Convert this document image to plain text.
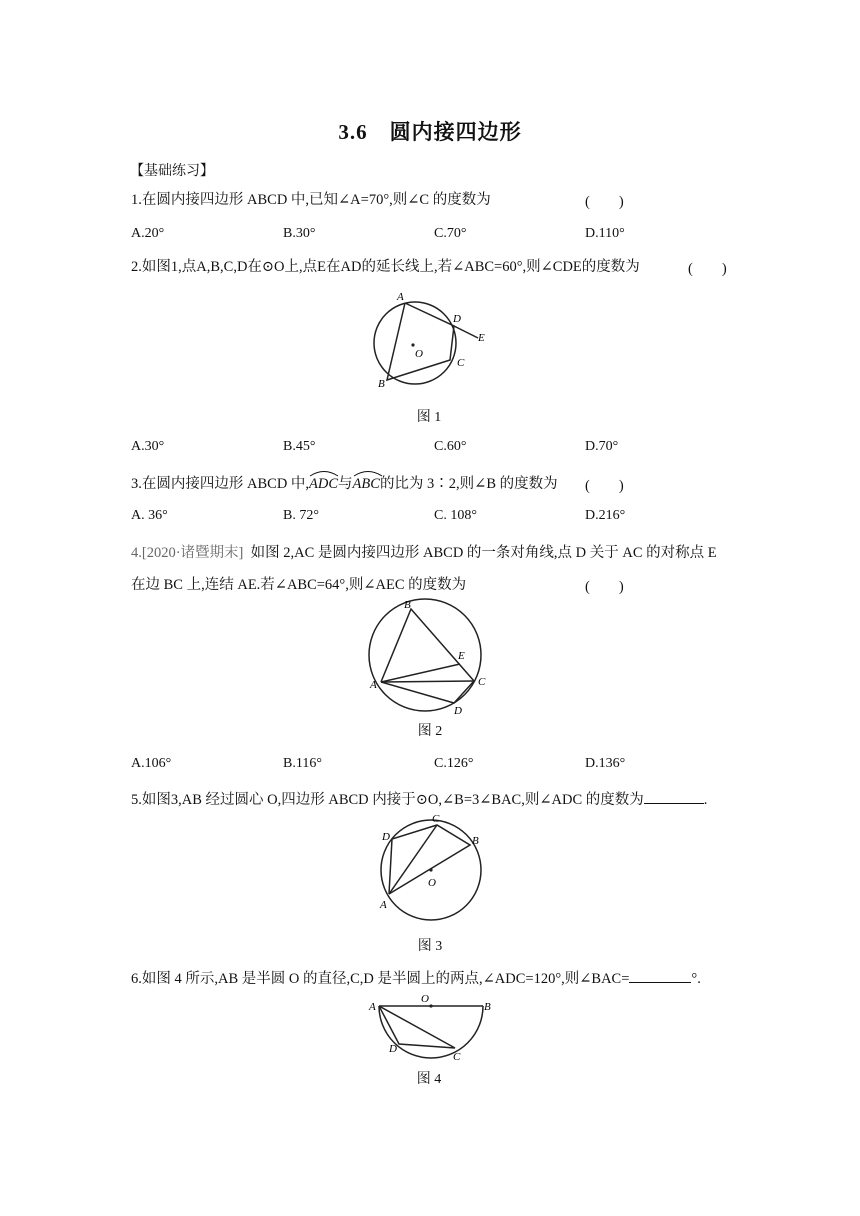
3.6　圆内接四边形
【基础练习】
1.在圆内接四边形 ABCD 中,已知∠A=70°,则∠C 的度数为	(　　)
A.20°	B.30°	C.70°	D.110°
2.如图1,点A,B,C,D在⊙O上,点E在AD的延长线上,若∠ABC=60°,则∠CDE的度数为	(　　)
A
B
C
D
E
O
图 1
A.30°	B.45°	C.60°	D.70°
3.在圆内接四边形 ABCD 中,
ADC与
ABC的比为 3∶2,则∠B 的度数为 (　　)
A. 36°	B. 72°	C. 108°	D.216°
4.[2020·诸暨期末] 如图 2,AC 是圆内接四边形 ABCD 的一条对角线,点 D 关于 AC 的对称点 E
在边 BC 上,连结 AE.若∠ABC=64°,则∠AEC 的度数为	(　　)
A
B
C
D
E
图 2
A.106°	B.116°	C.126°	D.136°
5.如图3,AB 经过圆心 O,四边形 ABCD 内接于⊙O,∠B=3∠BAC,则∠ADC 的度数为	.
A
B
C
D
O
图 3
6.如图 4 所示,AB 是半圆 O 的直径,C,D 是半圆上的两点,∠ADC=120°,则∠BAC=	°.
A	B
C
D
O
图 4
